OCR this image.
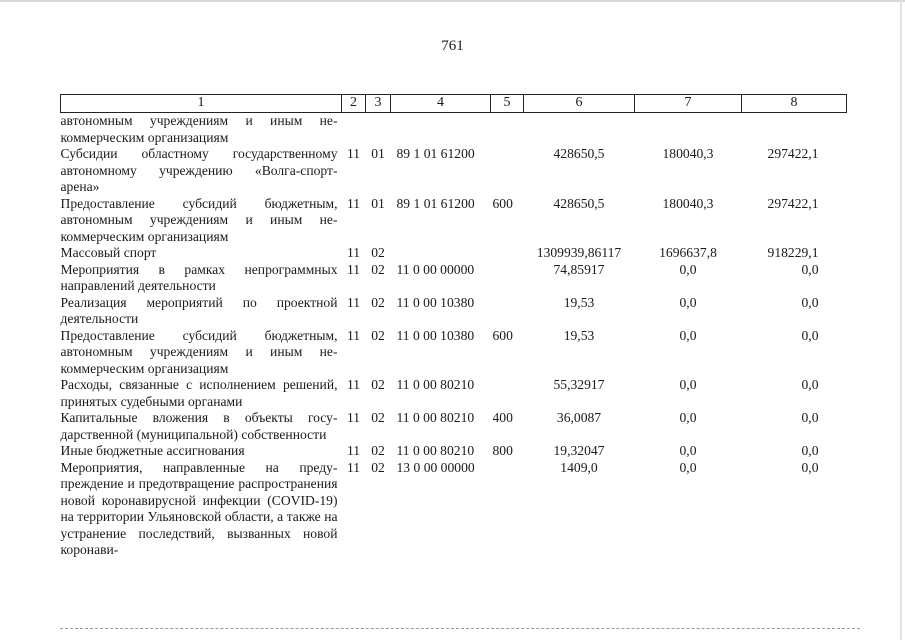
761
1	2	3	4	5	6	7	8
автономным учреждениям и иным некоммерческим организациям							
Субсидии областному государственному автономному учреждению «Волга-спорт-арена»	11	01	89 1 01 61200		428650,5	180040,3	297422,1
Предоставление субсидий бюджетным, автономным учреждениям и иным некоммерческим организациям	11	01	89 1 01 61200	600	428650,5	180040,3	297422,1
Массовый спорт	11	02			1309939,86117	1696637,8	918229,1
Мероприятия в рамках непрограммных направлений деятельности	11	02	11 0 00 00000		74,85917	0,0	0,0
Реализация мероприятий по проектной деятельности	11	02	11 0 00 10380		19,53	0,0	0,0
Предоставление субсидий бюджетным, автономным учреждениям и иным некоммерческим организациям	11	02	11 0 00 10380	600	19,53	0,0	0,0
Расходы, связанные с исполнением решений, принятых судебными органами	11	02	11 0 00 80210		55,32917	0,0	0,0
Капитальные вложения в объекты государственной (муниципальной) собственности	11	02	11 0 00 80210	400	36,0087	0,0	0,0
Иные бюджетные ассигнования	11	02	11 0 00 80210	800	19,32047	0,0	0,0
Мероприятия, направленные на предупреждение и предотвращение распространения новой коронавирусной инфекции (COVID-19) на территории Ульяновской области, а также на устранение последствий, вызванных новой коронави-	11	02	13 0 00 00000		1409,0	0,0	0,0
